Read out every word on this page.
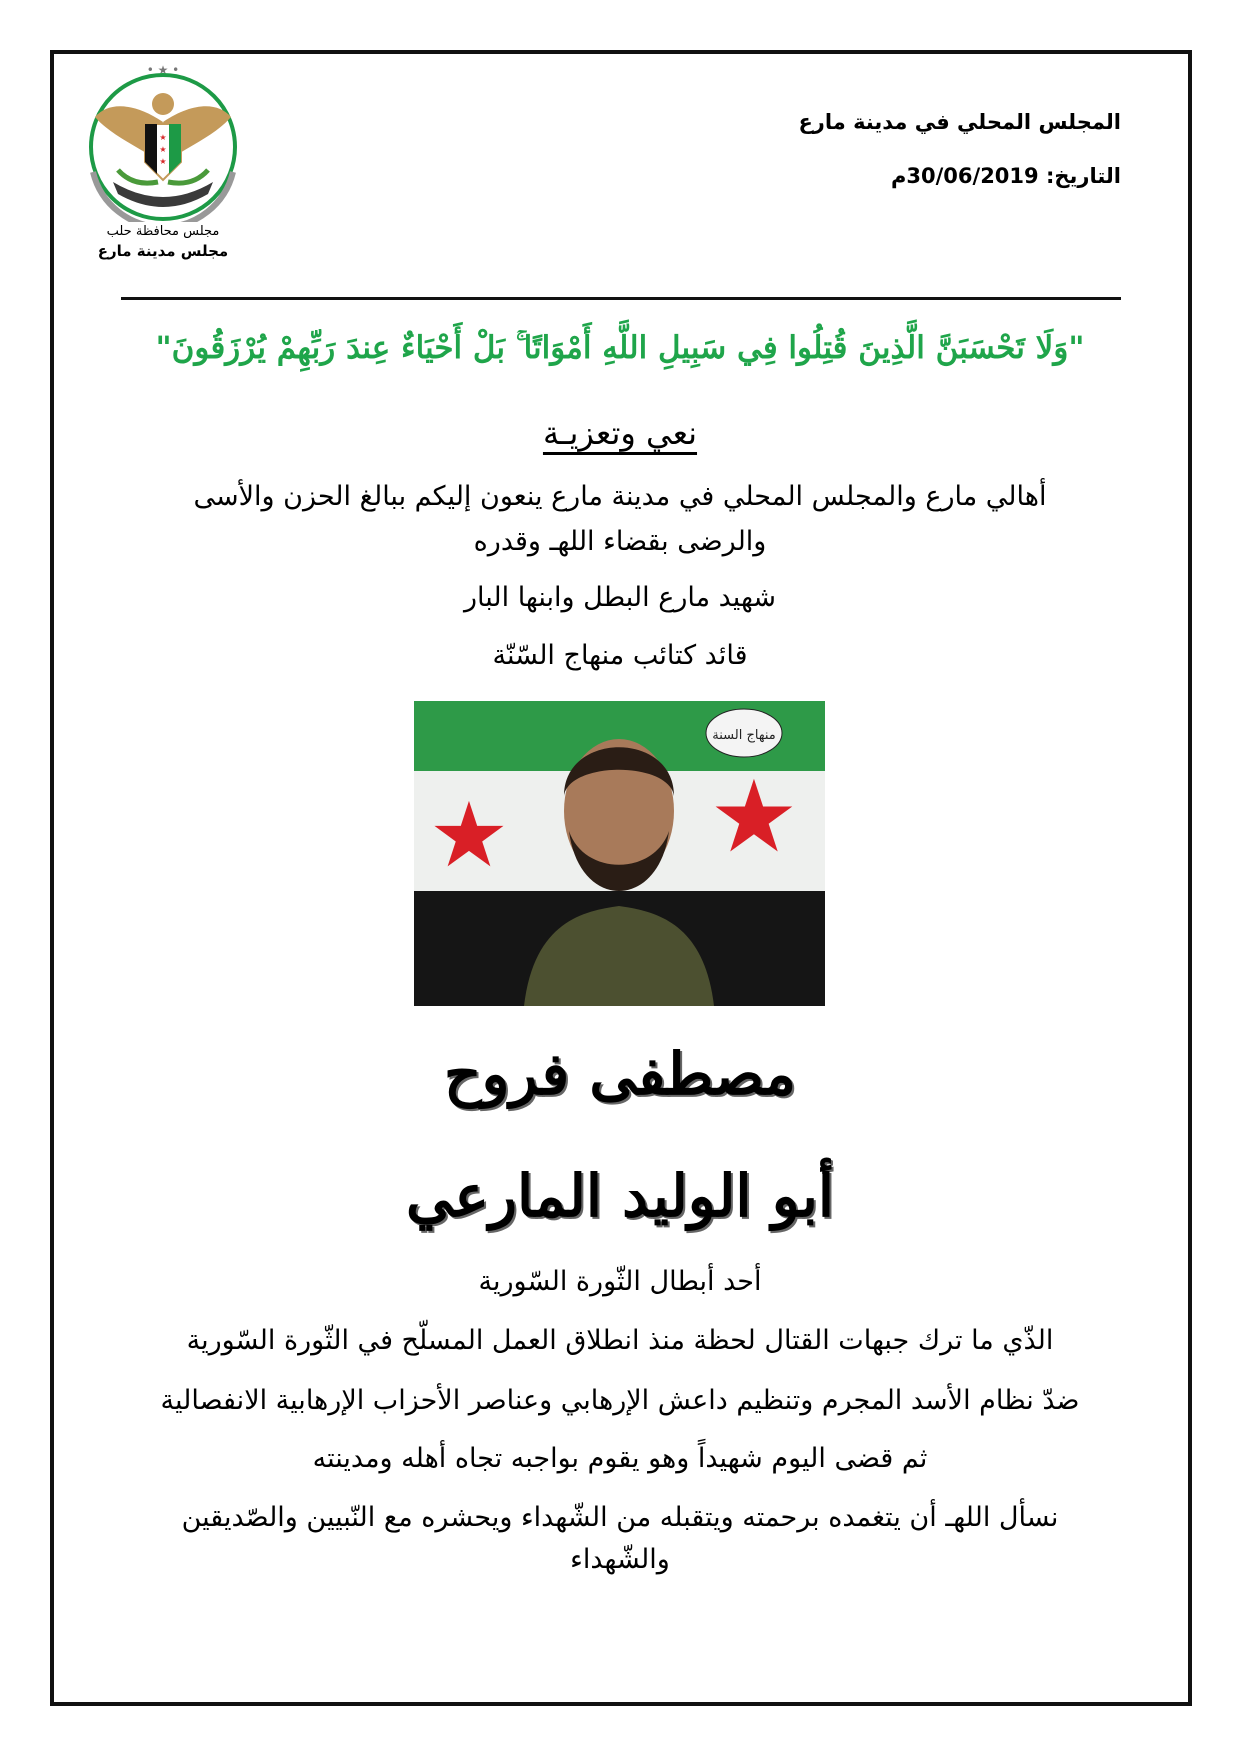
• ★ •
★
★
★
مجلس محافظة حلب
مجلس مدينة مارع
المجلس المحلي في مدينة مارع
التاريخ: 30/06/2019م
"وَلَا تَحْسَبَنَّ الَّذِينَ قُتِلُوا فِي سَبِيلِ اللَّهِ أَمْوَاتًا ۚ بَلْ أَحْيَاءٌ عِندَ رَبِّهِمْ يُرْزَقُونَ"
نعي وتعزيـة
أهالي مارع والمجلس المحلي في مدينة مارع ينعون إليكم ببالغ الحزن والأسى
والرضى بقضاء اللهـ وقدره
شهيد مارع البطل وابنها البار
قائد كتائب منهاج السّنّة
★ ★
منهاج السنة
مصطفى فروح
أبو الوليد المارعي
أحد أبطال الثّورة السّورية
الذّي ما ترك جبهات القتال لحظة منذ انطلاق العمل المسلّح في الثّورة السّورية
ضدّ نظام الأسد المجرم وتنظيم داعش الإرهابي وعناصر الأحزاب الإرهابية الانفصالية
ثم قضى اليوم شهيداً وهو يقوم بواجبه تجاه أهله ومدينته
نسأل اللهـ أن يتغمده برحمته ويتقبله من الشّهداء ويحشره مع النّبيين والصّديقين
والشّهداء
